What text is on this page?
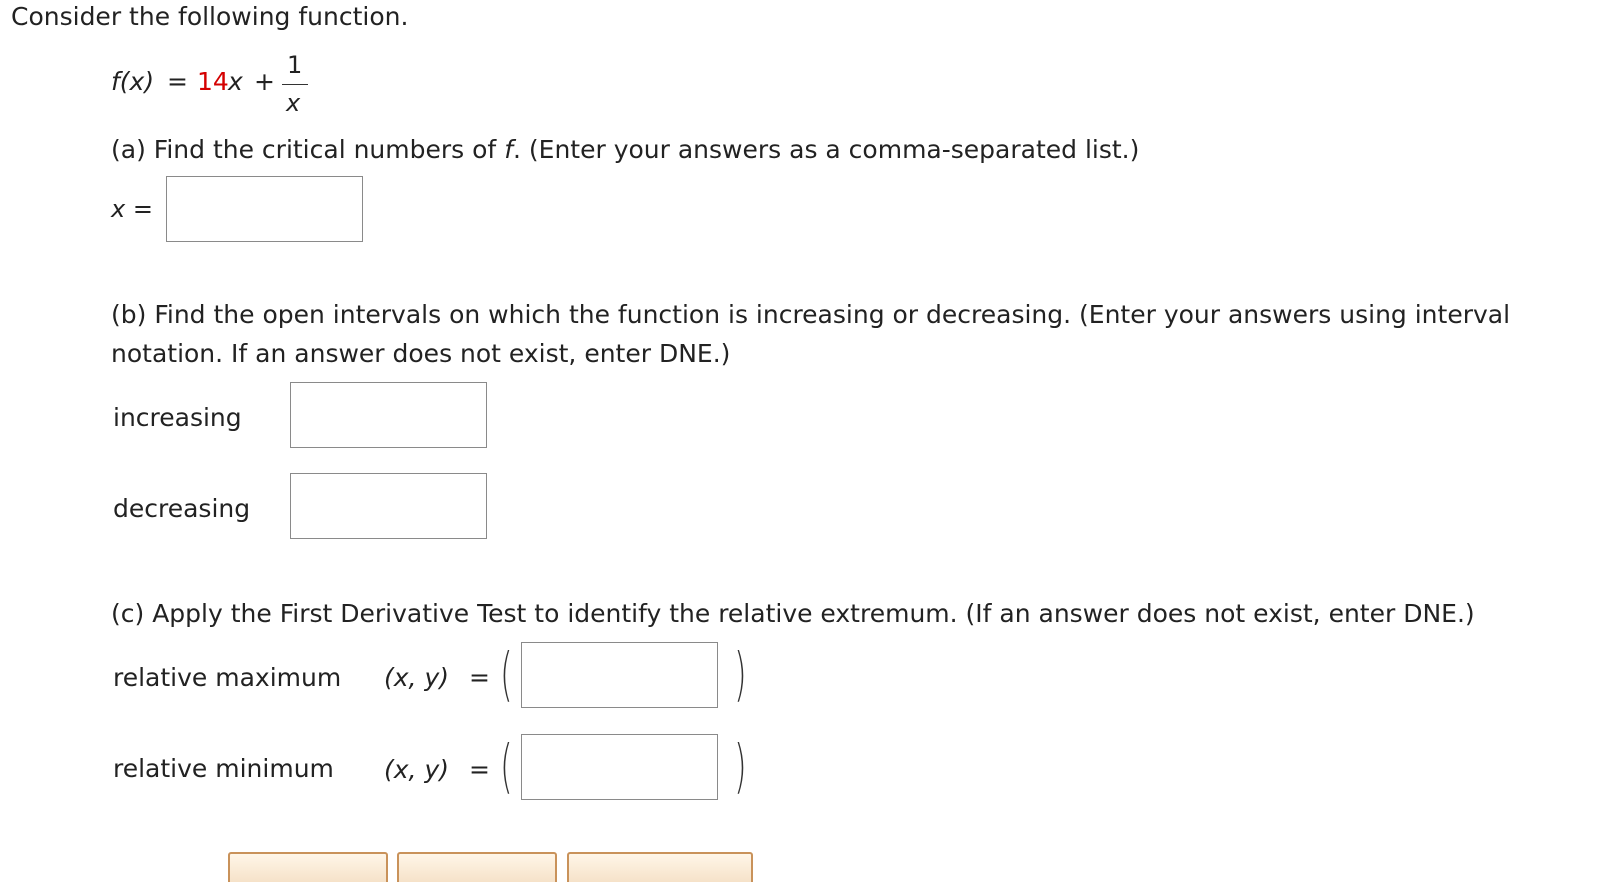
Consider the following function.
f(x) = 14 x +
1
x
(a) Find the critical numbers of f. (Enter your answers as a comma-separated list.)
x =
(b) Find the open intervals on which the function is increasing or decreasing. (Enter your answers using interval
notation. If an answer does not exist, enter DNE.)
increasing
decreasing
(c) Apply the First Derivative Test to identify the relative extremum. (If an answer does not exist, enter DNE.)
relative maximum (x, y) = (	)
relative minimum (x, y) = (	)
